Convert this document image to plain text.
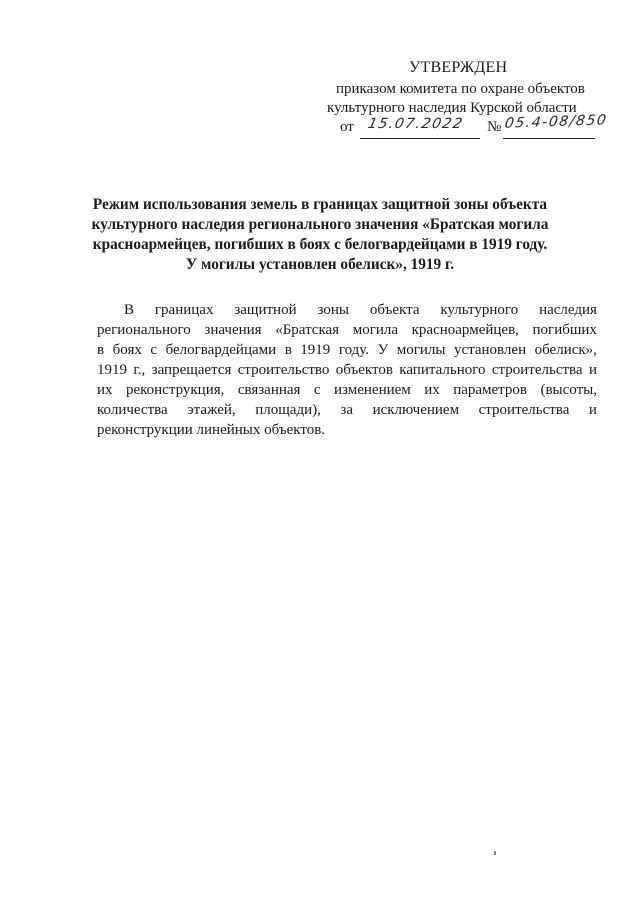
УТВЕРЖДЕН
приказом комитета по охране объектов
культурного наследия Курской области
от 15.07.2022 № 05.4-08/850
Режим использования земель в границах защитной зоны объекта
культурного наследия регионального значения «Братская могила
красноармейцев, погибших в боях с белогвардейцами в 1919 году.
У могилы установлен обелиск», 1919 г.
В границах защитной зоны объекта культурного наследия
регионального значения «Братская могила красноармейцев, погибших
в боях с белогвардейцами в 1919 году. У могилы установлен обелиск»,
1919 г., запрещается строительство объектов капитального строительства и
их реконструкция, связанная с изменением их параметров (высоты,
количества этажей, площади), за исключением строительства и
реконструкции линейных объектов.
